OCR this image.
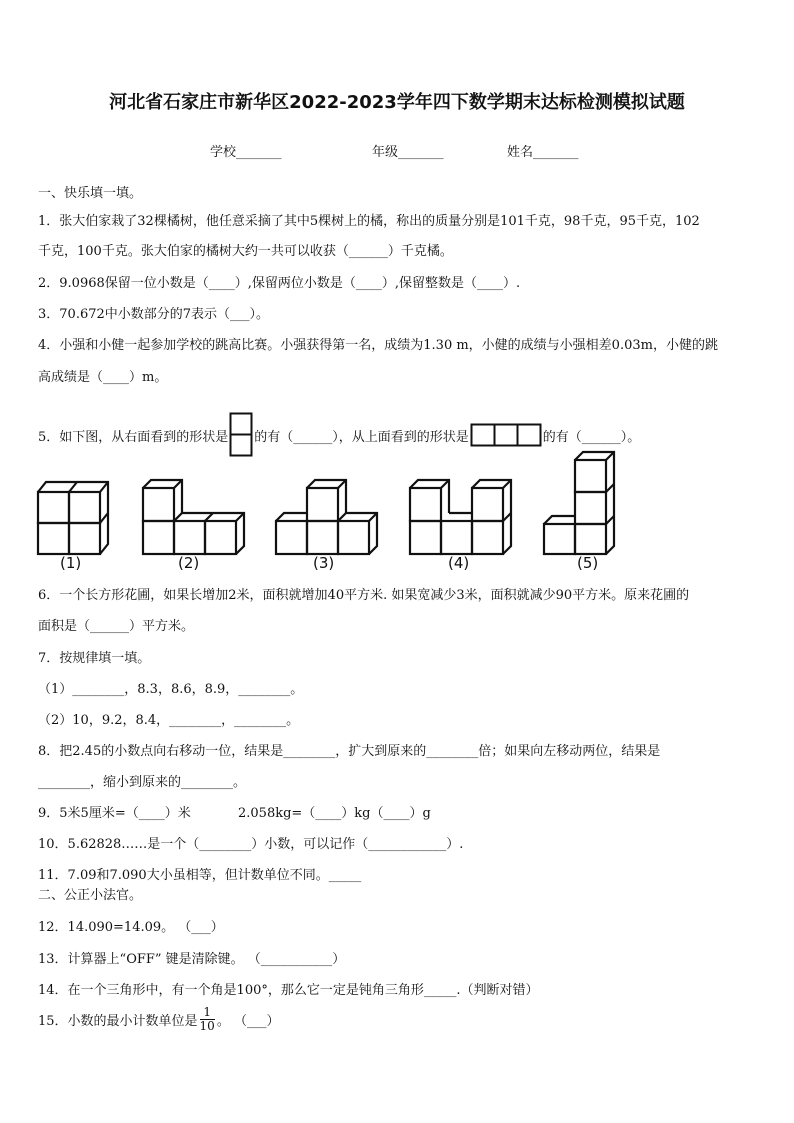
河北省石家庄市新华区2022-2023学年四下数学期末达标检测模拟试题
学校_______	年级_______	姓名_______
一、快乐填一填。
1．张大伯家栽了32棵橘树，他任意采摘了其中5棵树上的橘，称出的质量分别是101千克，98千克，95千克，102
千克，100千克。张大伯家的橘树大约一共可以收获（______）千克橘。
2．9.0968保留一位小数是（____）,保留两位小数是（____）,保留整数是（____）.
3．70.672中小数部分的7表示（___）。
4．小强和小健一起参加学校的跳高比赛。小强获得第一名，成绩为1.30 m，小健的成绩与小强相差0.03m，小健的跳
高成绩是（____）m。
5．如下图，从右面看到的形状是 的有（______），从上面看到的形状是	的有（______）。
(1)	(2)	(3)	(4)	(5)
6．一个长方形花圃，如果长增加2米，面积就增加40平方米. 如果宽减少3米，面积就减少90平方米。原来花圃的
面积是（______）平方米。
7．按规律填一填。
（1）________，8.3，8.6，8.9，________。
（2）10，9.2，8.4，________，________。
8．把2.45的小数点向右移动一位，结果是________，扩大到原来的________倍；如果向左移动两位，结果是
________，缩小到原来的________。
9．5米5厘米=（____）米	2.058kg=（____）kg（____）g
10．5.62828……是一个（________）小数，可以记作（____________）.
11．7.09和7.090大小虽相等，但计数单位不同。_____
二、公正小法官。
12．14.090=14.09。 （___）
13．计算器上“OFF” 键是清除键。 （___________）
14．在一个三角形中，有一个角是100°，那么它一定是钝角三角形_____.（判断对错）
15．小数的最小计数单位是 $\frac{1}{10}$ 。 （___）
